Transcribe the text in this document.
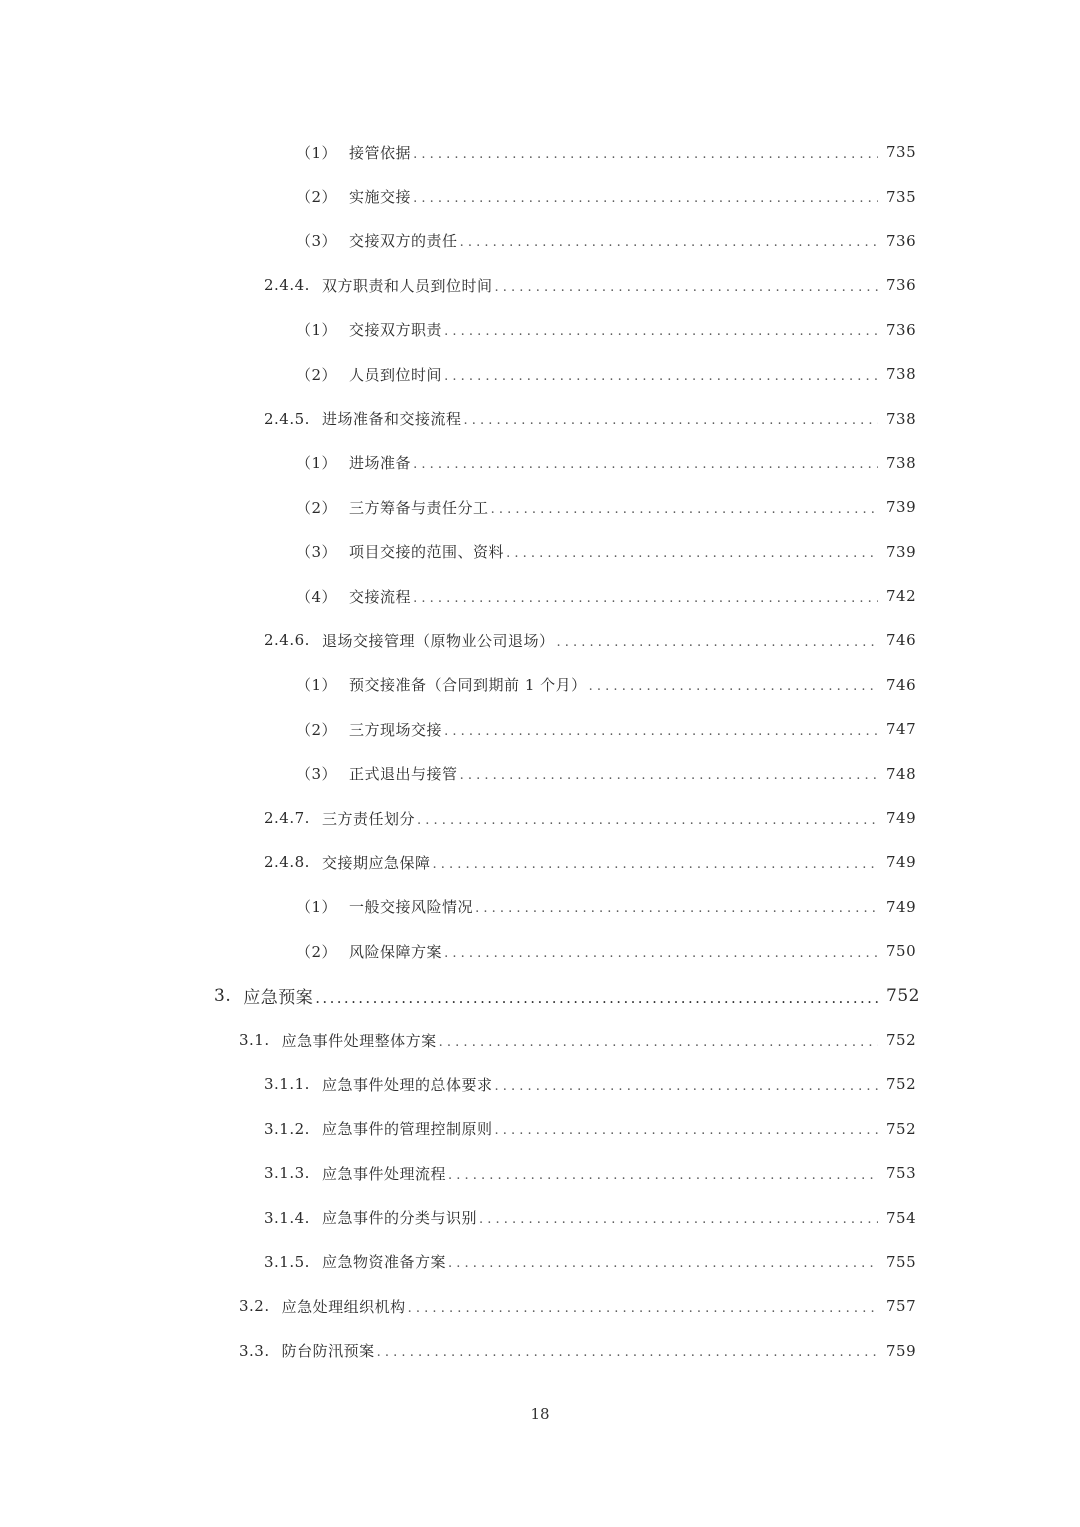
（1） 接管依据 . . .	735
（2） 实施交接 . . .	735
（3） 交接双方的责任 . . .	736
2.4.4. 双方职责和人员到位时间 . . .	736
（1） 交接双方职责 . . .	736
（2） 人员到位时间 . . .	738
2.4.5. 进场准备和交接流程 . . .	738
（1） 进场准备 . . .	738
（2） 三方筹备与责任分工 . . .	739
（3） 项目交接的范围、资料 . . .	739
（4） 交接流程 . . .	742
2.4.6. 退场交接管理（原物业公司退场） . . .	746
（1） 预交接准备（合同到期前 1 个月） . . .	746
（2） 三方现场交接 . . .	747
（3） 正式退出与接管 . . .	748
2.4.7. 三方责任划分 . . .	749
2.4.8. 交接期应急保障 . . .	749
（1） 一般交接风险情况 . . .	749
（2） 风险保障方案 . . .	750
3. 应急预案 .....	752
3.1. 应急事件处理整体方案 . . .	752
3.1.1. 应急事件处理的总体要求 . . .	752
3.1.2. 应急事件的管理控制原则 . . .	752
3.1.3. 应急事件处理流程 . . .	753
3.1.4. 应急事件的分类与识别 . . .	754
3.1.5. 应急物资准备方案 . . .	755
3.2. 应急处理组织机构 . . .	757
3.3. 防台防汛预案 . . .	759
18
